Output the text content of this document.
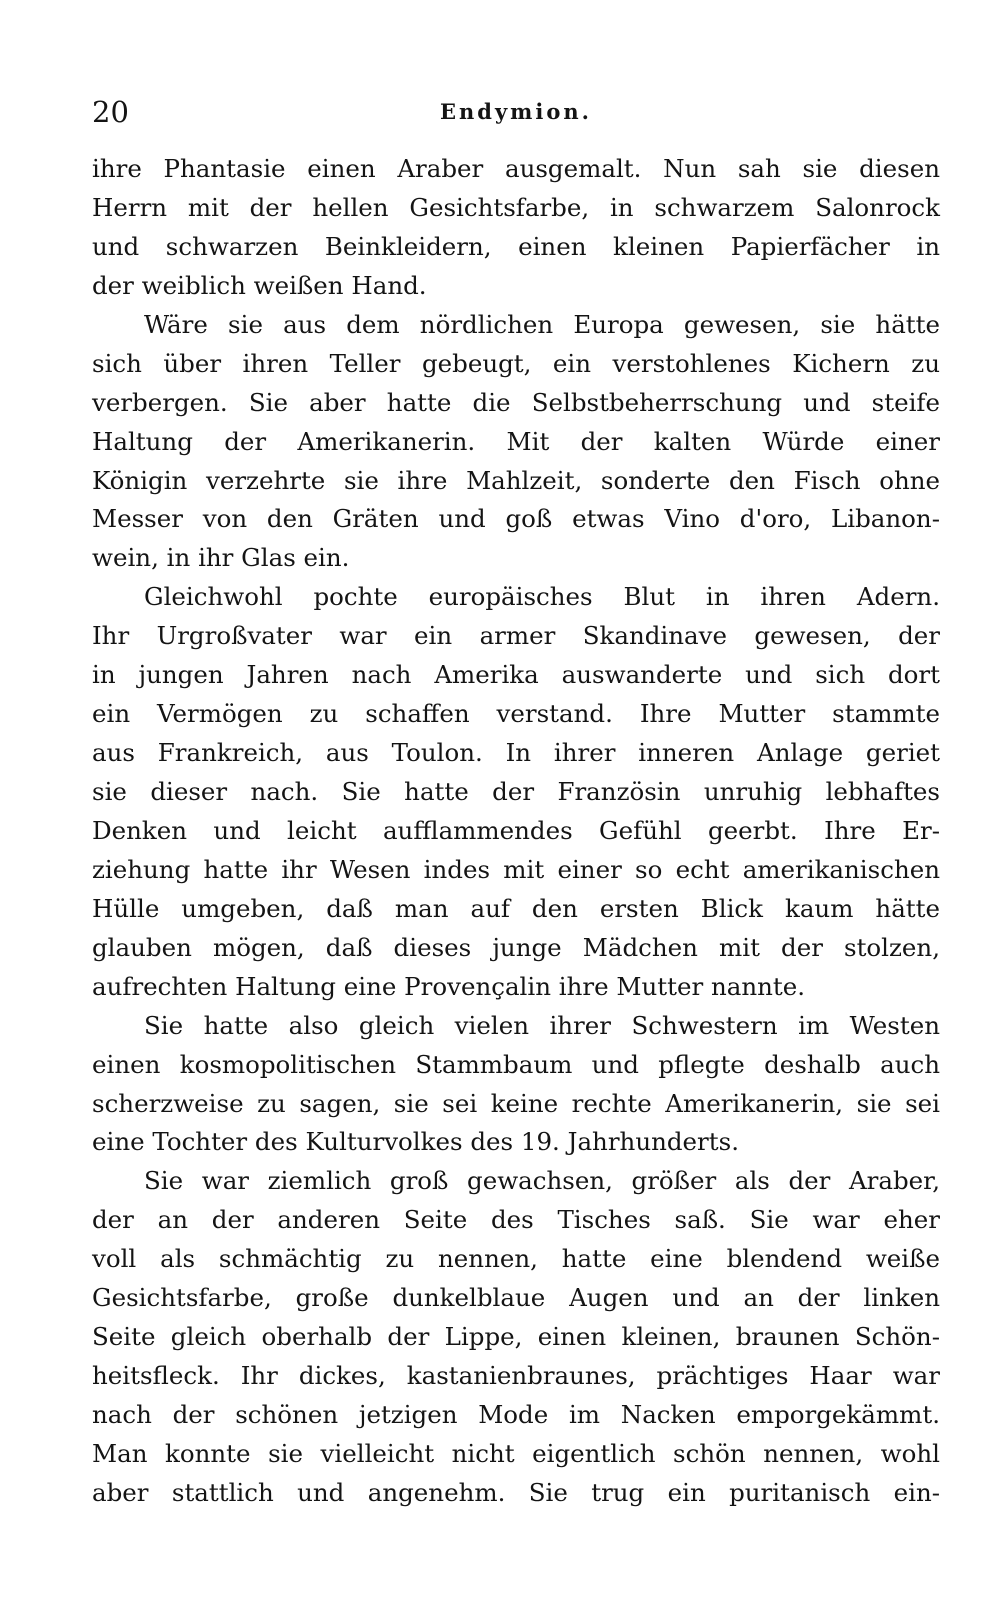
20	Endymion.
ihre Phantasie einen Araber ausgemalt. Nun sah sie diesen
Herrn mit der hellen Gesichtsfarbe, in schwarzem Salonrock
und schwarzen Beinkleidern, einen kleinen Papierfächer in
der weiblich weißen Hand.
Wäre sie aus dem nördlichen Europa gewesen, sie hätte
sich über ihren Teller gebeugt, ein verstohlenes Kichern zu
verbergen. Sie aber hatte die Selbstbeherrschung und steife
Haltung der Amerikanerin. Mit der kalten Würde einer
Königin verzehrte sie ihre Mahlzeit, sonderte den Fisch ohne
Messer von den Gräten und goß etwas Vino d'oro, Libanon-
wein, in ihr Glas ein.
Gleichwohl pochte europäisches Blut in ihren Adern.
Ihr Urgroßvater war ein armer Skandinave gewesen, der
in jungen Jahren nach Amerika auswanderte und sich dort
ein Vermögen zu schaffen verstand. Ihre Mutter stammte
aus Frankreich, aus Toulon. In ihrer inneren Anlage geriet
sie dieser nach. Sie hatte der Französin unruhig lebhaftes
Denken und leicht aufflammendes Gefühl geerbt. Ihre Er-
ziehung hatte ihr Wesen indes mit einer so echt amerikanischen
Hülle umgeben, daß man auf den ersten Blick kaum hätte
glauben mögen, daß dieses junge Mädchen mit der stolzen,
aufrechten Haltung eine Provençalin ihre Mutter nannte.
Sie hatte also gleich vielen ihrer Schwestern im Westen
einen kosmopolitischen Stammbaum und pflegte deshalb auch
scherzweise zu sagen, sie sei keine rechte Amerikanerin, sie sei
eine Tochter des Kulturvolkes des 19. Jahrhunderts.
Sie war ziemlich groß gewachsen, größer als der Araber,
der an der anderen Seite des Tisches saß. Sie war eher
voll als schmächtig zu nennen, hatte eine blendend weiße
Gesichtsfarbe, große dunkelblaue Augen und an der linken
Seite gleich oberhalb der Lippe, einen kleinen, braunen Schön-
heitsfleck. Ihr dickes, kastanienbraunes, prächtiges Haar war
nach der schönen jetzigen Mode im Nacken emporgekämmt.
Man konnte sie vielleicht nicht eigentlich schön nennen, wohl
aber stattlich und angenehm. Sie trug ein puritanisch ein-
